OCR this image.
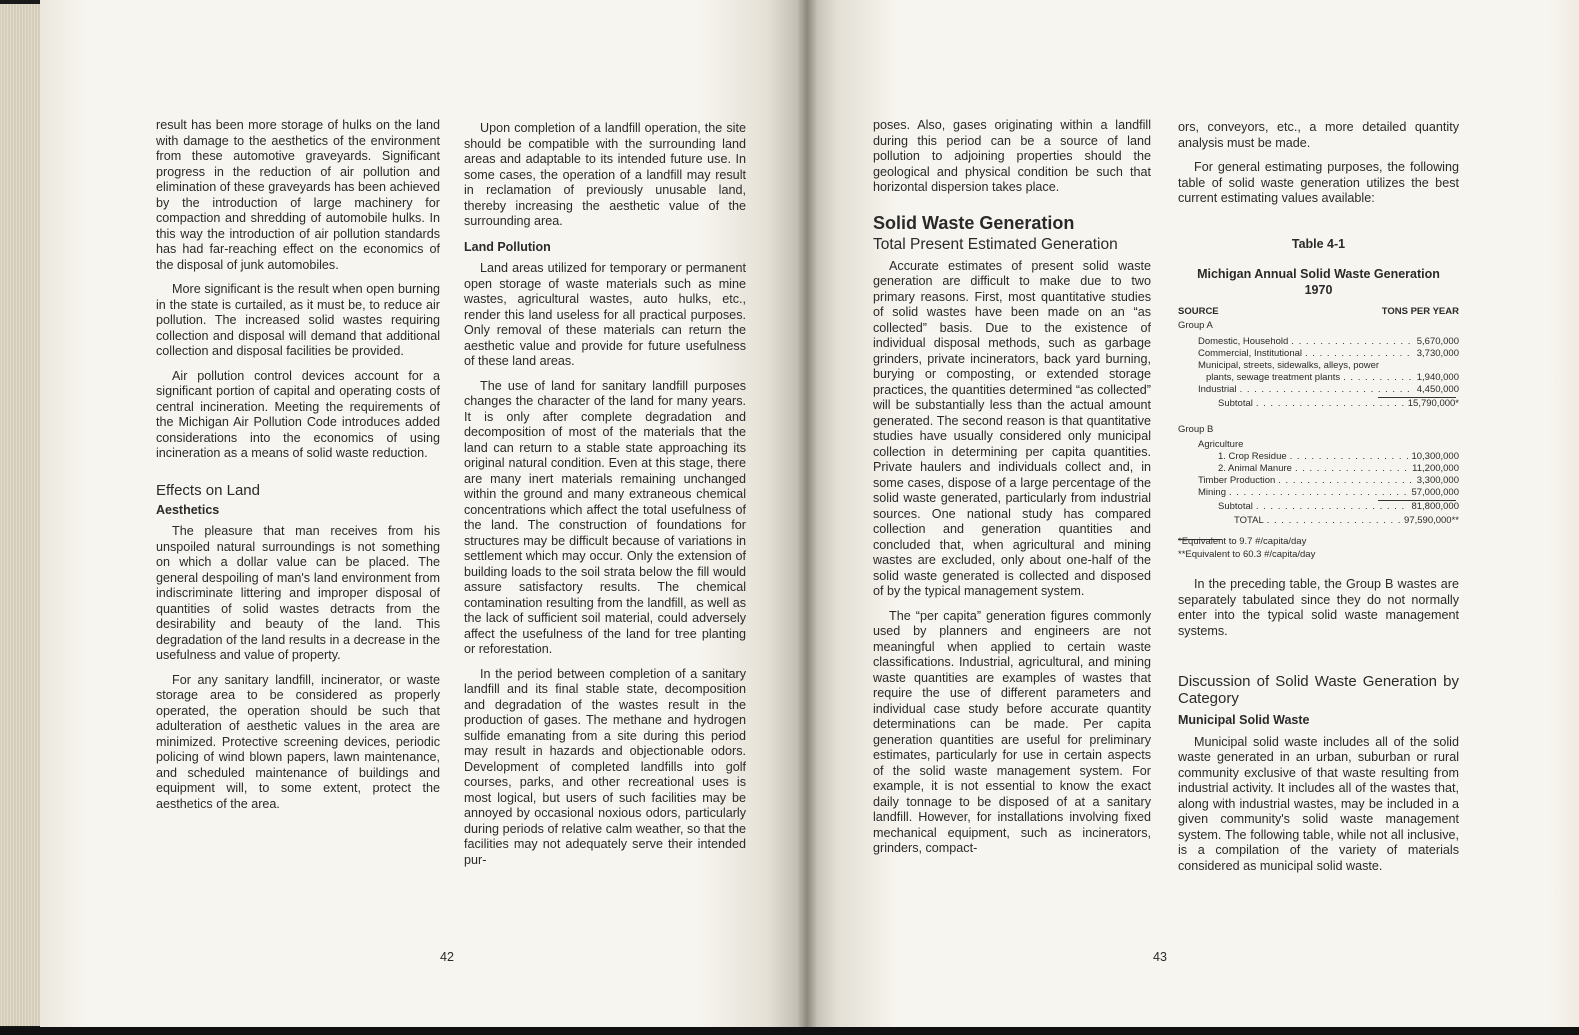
result has been more storage of hulks on the land with damage to the aesthetics of the environment from these automotive graveyards. Significant progress in the reduction of air pollution and elimination of these graveyards has been achieved by the introduction of large machinery for compaction and shredding of automobile hulks. In this way the introduction of air pollution standards has had far-reaching effect on the economics of the disposal of junk automobiles.

More significant is the result when open burning in the state is curtailed, as it must be, to reduce air pollution. The increased solid wastes requiring collection and disposal will demand that additional collection and disposal facilities be provided.

Air pollution control devices account for a significant portion of capital and operating costs of central incineration. Meeting the requirements of the Michigan Air Pollution Code introduces added considerations into the economics of using incineration as a means of solid waste reduction.

Effects on Land
Aesthetics

The pleasure that man receives from his unspoiled natural surroundings is not something on which a dollar value can be placed. The general despoiling of man's land environment from indiscriminate littering and improper disposal of quantities of solid wastes detracts from the desirability and beauty of the land. This degradation of the land results in a decrease in the usefulness and value of property.

For any sanitary landfill, incinerator, or waste storage area to be considered as properly operated, the operation should be such that adulteration of aesthetic values in the area are minimized. Protective screening devices, periodic policing of wind blown papers, lawn maintenance, and scheduled maintenance of buildings and equipment will, to some extent, protect the aesthetics of the area.

Upon completion of a landfill operation, the site should be compatible with the surrounding land areas and adaptable to its intended future use. In some cases, the operation of a landfill may result in reclamation of previously unusable land, thereby increasing the aesthetic value of the surrounding area.

Land Pollution

Land areas utilized for temporary or permanent open storage of waste materials such as mine wastes, agricultural wastes, auto hulks, etc., render this land useless for all practical purposes. Only removal of these materials can return the aesthetic value and provide for future usefulness of these land areas.

The use of land for sanitary landfill purposes changes the character of the land for many years. It is only after complete degradation and decomposition of most of the materials that the land can return to a stable state approaching its original natural condition. Even at this stage, there are many inert materials remaining unchanged within the ground and many extraneous chemical concentrations which affect the total usefulness of the land. The construction of foundations for structures may be difficult because of variations in settlement which may occur. Only the extension of building loads to the soil strata below the fill would assure satisfactory results. The chemical contamination resulting from the landfill, as well as the lack of sufficient soil material, could adversely affect the usefulness of the land for tree planting or reforestation.

In the period between completion of a sanitary landfill and its final stable state, decomposition and degradation of the wastes result in the production of gases. The methane and hydrogen sulfide emanating from a site during this period may result in hazards and objectionable odors. Development of completed landfills into golf courses, parks, and other recreational uses is most logical, but users of such facilities may be annoyed by occasional noxious odors, particularly during periods of relative calm weather, so that the facilities may not adequately serve their intended pur-

42

poses. Also, gases originating within a landfill during this period can be a source of land pollution to adjoining properties should the geological and physical condition be such that horizontal dispersion takes place.

Solid Waste Generation
Total Present Estimated Generation

Accurate estimates of present solid waste generation are difficult to make due to two primary reasons. First, most quantitative studies of solid wastes have been made on an “as collected” basis. Due to the existence of individual disposal methods, such as garbage grinders, private incinerators, back yard burning, burying or composting, or extended storage practices, the quantities determined “as collected” will be substantially less than the actual amount generated. The second reason is that quantitative studies have usually considered only municipal collection in determining per capita quantities. Private haulers and individuals collect and, in some cases, dispose of a large percentage of the solid waste generated, particularly from industrial sources. One national study has compared collection and generation quantities and concluded that, when agricultural and mining wastes are excluded, only about one-half of the solid waste generated is collected and disposed of by the typical management system.

The “per capita” generation figures commonly used by planners and engineers are not meaningful when applied to certain waste classifications. Industrial, agricultural, and mining waste quantities are examples of wastes that require the use of different parameters and individual case study before accurate quantity determinations can be made. Per capita generation quantities are useful for preliminary estimates, particularly for use in certain aspects of the solid waste management system. For example, it is not essential to know the exact daily tonnage to be disposed of at a sanitary landfill. However, for installations involving fixed mechanical equipment, such as incinerators, grinders, compact-

ors, conveyors, etc., a more detailed quantity analysis must be made.

For general estimating purposes, the following table of solid waste generation utilizes the best current estimating values available:

Table 4-1
Michigan Annual Solid Waste Generation
1970
SOURCE	TONS PER YEAR
Group A
Domestic, Household . . .	5,670,000
Commercial, Institutional . . .	3,730,000
Municipal, streets, sidewalks, alleys, power
plants, sewage treatment plants . . .	1,940,000
Industrial . . .	4,450,000
Subtotal . . .	15,790,000*
Group B
Agriculture
1. Crop Residue . . .	10,300,000
2. Animal Manure . . .	11,200,000
Timber Production . . .	3,300,000
Mining . . .	57,000,000
Subtotal . . .	81,800,000
TOTAL . . .	97,590,000**
*Equivalent to 9.7 #/capita/day
**Equivalent to 60.3 #/capita/day

In the preceding table, the Group B wastes are separately tabulated since they do not normally enter into the typical solid waste management systems.

Discussion of Solid Waste Generation by Category
Municipal Solid Waste

Municipal solid waste includes all of the solid waste generated in an urban, suburban or rural community exclusive of that waste resulting from industrial activity. It includes all of the wastes that, along with industrial wastes, may be included in a given community's solid waste management system. The following table, while not all inclusive, is a compilation of the variety of materials considered as municipal solid waste.

43
